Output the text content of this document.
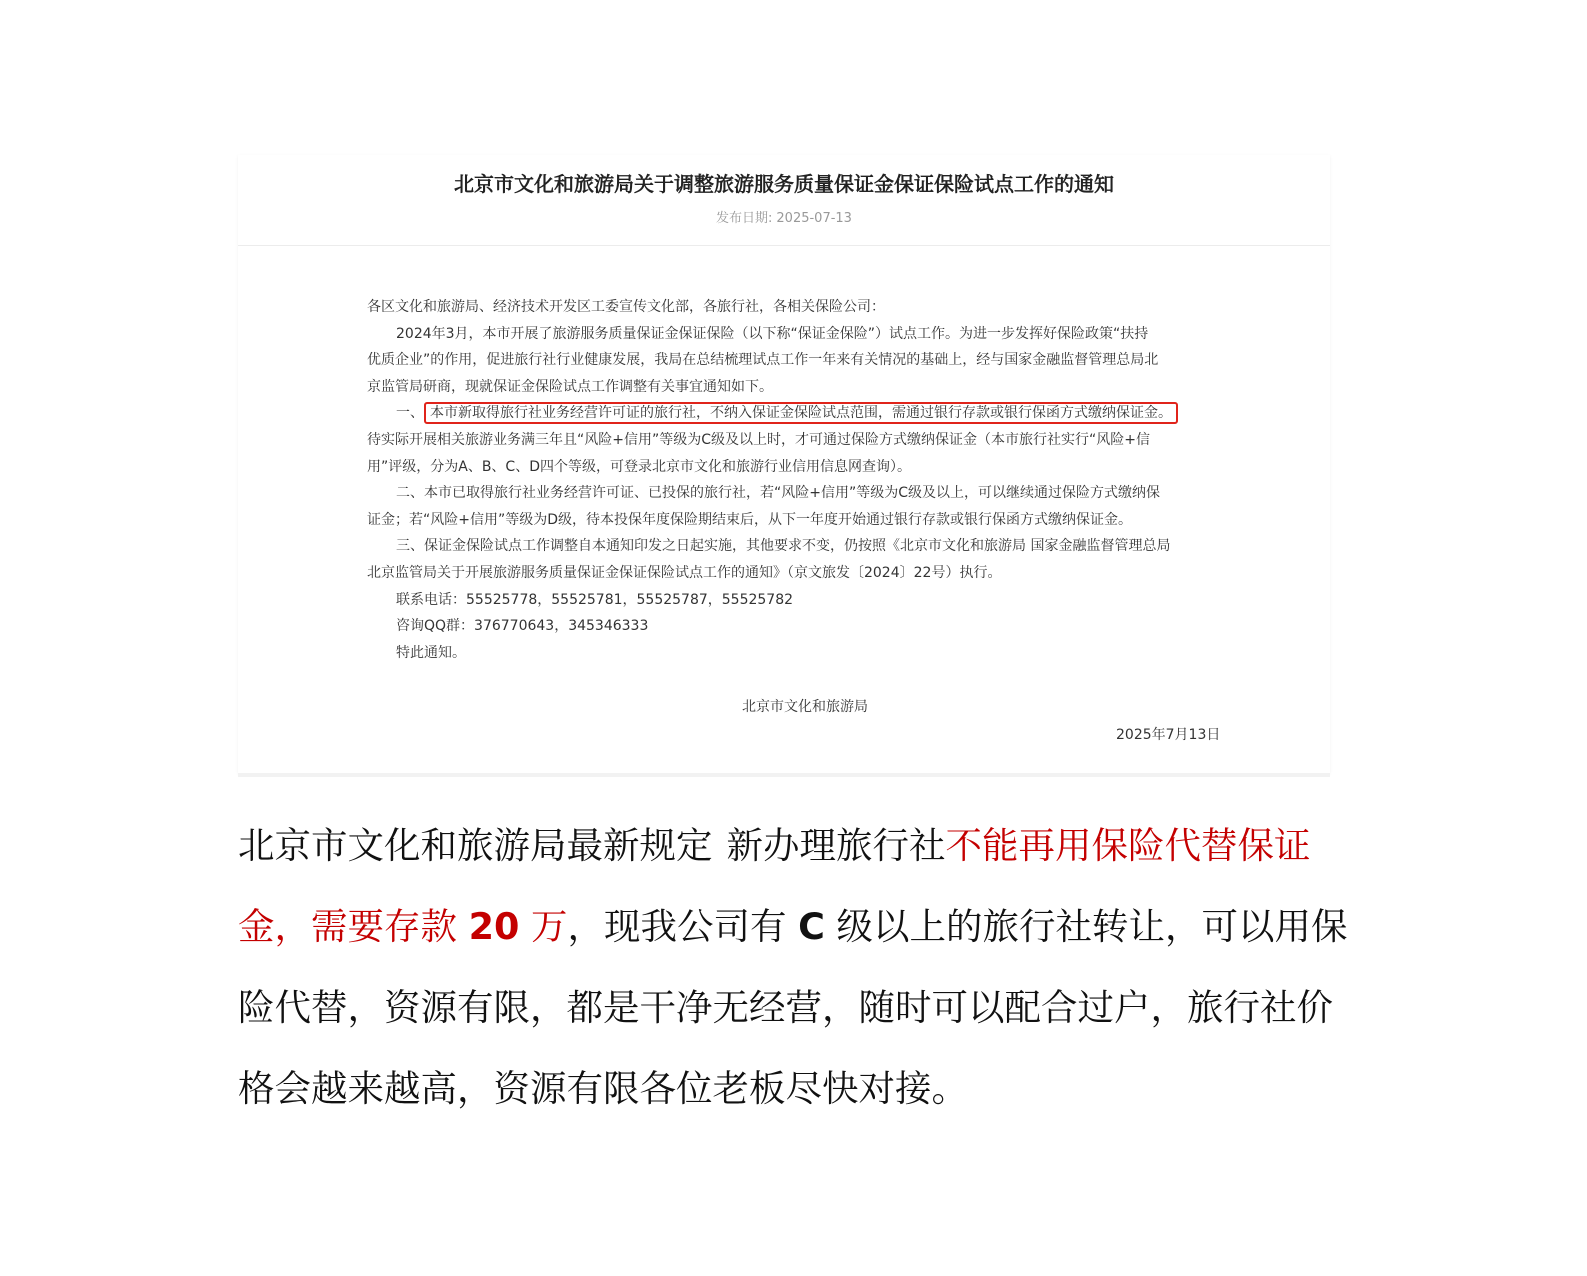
北京市文化和旅游局关于调整旅游服务质量保证金保证保险试点工作的通知
发布日期: 2025-07-13

各区文化和旅游局、经济技术开发区工委宣传文化部，各旅行社，各相关保险公司：

2024年3月，本市开展了旅游服务质量保证金保证保险（以下称“保证金保险”）试点工作。为进一步发挥好保险政策“扶持

优质企业”的作用，促进旅行社行业健康发展，我局在总结梳理试点工作一年来有关情况的基础上，经与国家金融监督管理总局北

京监管局研商，现就保证金保险试点工作调整有关事宜通知如下。

一、 本市新取得旅行社业务经营许可证的旅行社，不纳入保证金保险试点范围，需通过银行存款或银行保函方式缴纳保证金。

待实际开展相关旅游业务满三年且“风险+信用”等级为C级及以上时，才可通过保险方式缴纳保证金（本市旅行社实行“风险+信

用”评级，分为A、B、C、D四个等级，可登录北京市文化和旅游行业信用信息网查询）。

二、本市已取得旅行社业务经营许可证、已投保的旅行社，若“风险+信用”等级为C级及以上，可以继续通过保险方式缴纳保

证金；若“风险+信用”等级为D级，待本投保年度保险期结束后，从下一年度开始通过银行存款或银行保函方式缴纳保证金。

三、保证金保险试点工作调整自本通知印发之日起实施，其他要求不变，仍按照《北京市文化和旅游局 国家金融监督管理总局

北京监管局关于开展旅游服务质量保证金保证保险试点工作的通知》（京文旅发〔2024〕22号）执行。

联系电话：55525778，55525781，55525787，55525782

咨询QQ群：376770643，345346333

特此通知。

北京市文化和旅游局
2025年7月13日
北京市文化和旅游局最新规定 新办理旅行社不能再用保险代替保证
金，需要存款 20 万，现我公司有 C 级以上的旅行社转让，可以用保
险代替，资源有限，都是干净无经营，随时可以配合过户，旅行社价
格会越来越高，资源有限各位老板尽快对接。
